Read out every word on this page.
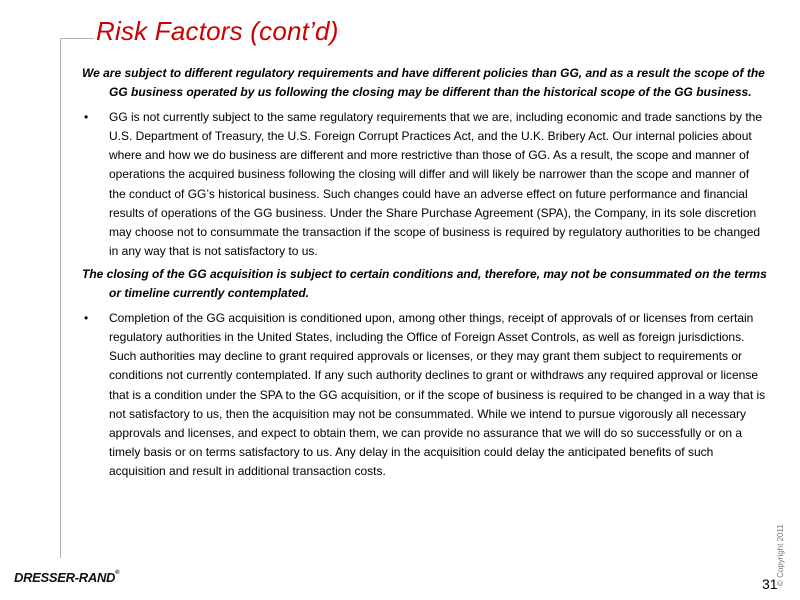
Risk Factors (cont’d)

We are subject to different regulatory requirements and have different policies than GG, and as a result the scope of the GG business operated by us following the closing may be different than the historical scope of the GG business.

• GG is not currently subject to the same regulatory requirements that we are, including economic and trade sanctions by the U.S. Department of Treasury, the U.S. Foreign Corrupt Practices Act, and the U.K. Bribery Act. Our internal policies about where and how we do business are different and more restrictive than those of GG. As a result, the scope and manner of operations the acquired business following the closing will differ and will likely be narrower than the scope and manner of the conduct of GG’s historical business. Such changes could have an adverse effect on future performance and financial results of operations of the GG business. Under the Share Purchase Agreement (SPA), the Company, in its sole discretion may choose not to consummate the transaction if the scope of business is required by regulatory authorities to be changed in any way that is not satisfactory to us.

The closing of the GG acquisition is subject to certain conditions and, therefore, may not be consummated on the terms or timeline currently contemplated.

• Completion of the GG acquisition is conditioned upon, among other things, receipt of approvals of or licenses from certain regulatory authorities in the United States, including the Office of Foreign Asset Controls, as well as foreign jurisdictions. Such authorities may decline to grant required approvals or licenses, or they may grant them subject to requirements or conditions not currently contemplated. If any such authority declines to grant or withdraws any required approval or license that is a condition under the SPA to the GG acquisition, or if the scope of business is required to be changed in a way that is not satisfactory to us, then the acquisition may not be consummated. While we intend to pursue vigorously all necessary approvals and licenses, and expect to obtain them, we can provide no assurance that we will do so successfully or on a timely basis or on terms satisfactory to us. Any delay in the acquisition could delay the anticipated benefits of such acquisition and result in additional transaction costs.
DRESSER-RAND®	© Copyright 2011
31
